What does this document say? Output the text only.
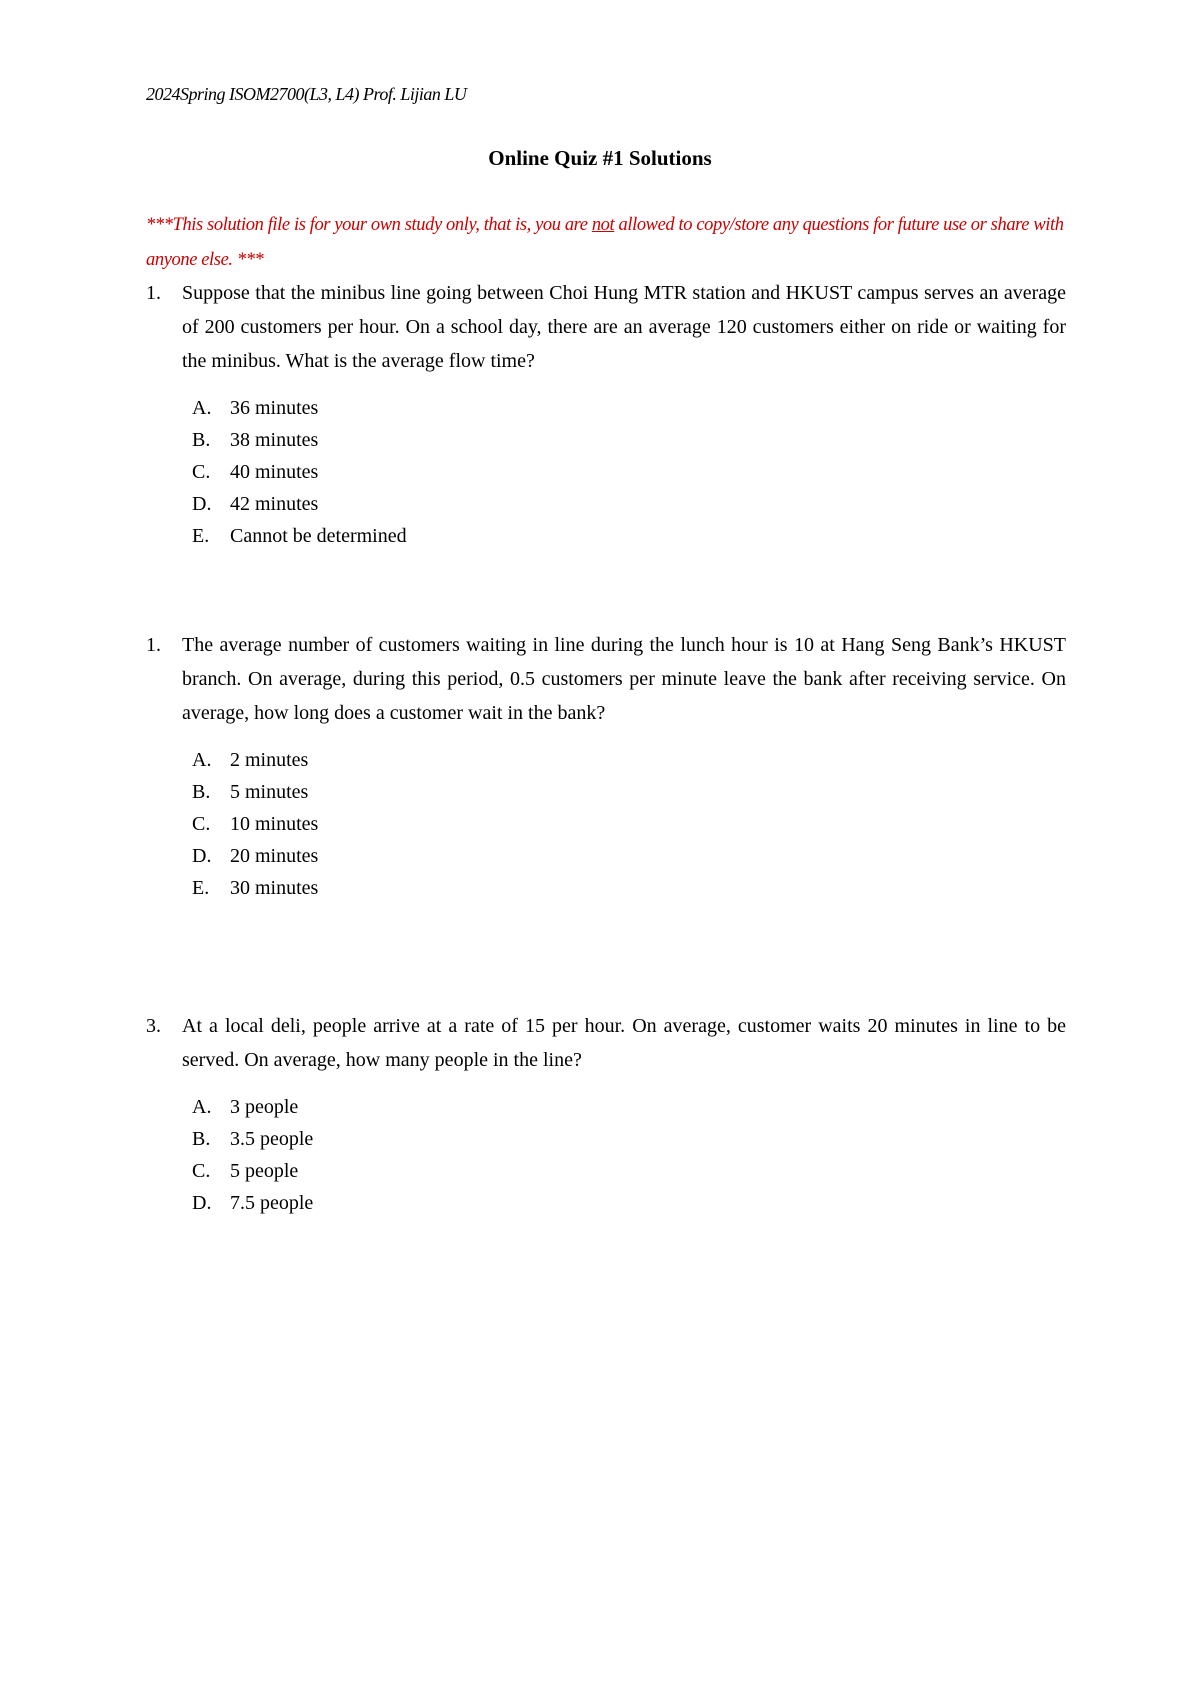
2024Spring ISOM2700(L3, L4) Prof. Lijian LU
Online Quiz #1 Solutions
***This solution file is for your own study only, that is, you are not allowed to copy/store any questions for future use or share with anyone else. ***
1. Suppose that the minibus line going between Choi Hung MTR station and HKUST campus serves an average of 200 customers per hour. On a school day, there are an average 120 customers either on ride or waiting for the minibus. What is the average flow time?
A. 36 minutes
B. 38 minutes
C. 40 minutes
D. 42 minutes
E. Cannot be determined
1. The average number of customers waiting in line during the lunch hour is 10 at Hang Seng Bank’s HKUST branch. On average, during this period, 0.5 customers per minute leave the bank after receiving service. On average, how long does a customer wait in the bank?
A. 2 minutes
B. 5 minutes
C. 10 minutes
D. 20 minutes
E. 30 minutes
3. At a local deli, people arrive at a rate of 15 per hour. On average, customer waits 20 minutes in line to be served. On average, how many people in the line?
A. 3 people
B. 3.5 people
C. 5 people
D. 7.5 people
